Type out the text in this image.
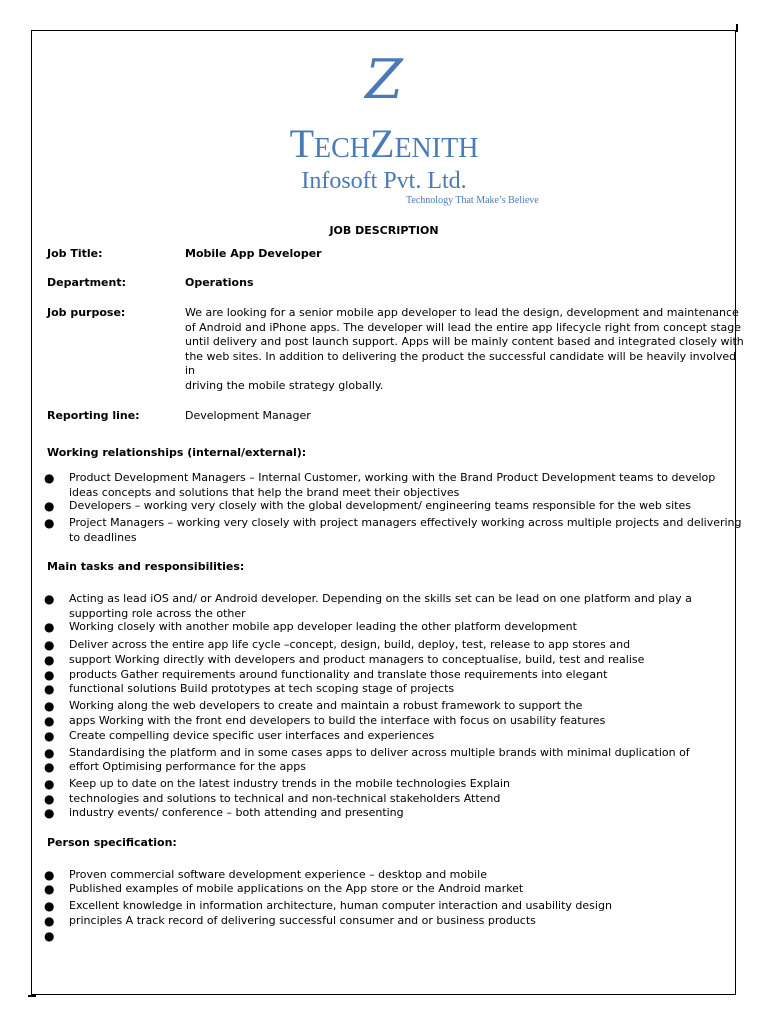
Z
TECHZENITH
Infosoft Pvt. Ltd.
Technology That Make’s Believe
JOB DESCRIPTION
Job Title:	Mobile App Developer
Department:	Operations
Job purpose:	We are looking for a senior mobile app developer to lead the design, development and maintenance
of Android and iPhone apps. The developer will lead the entire app lifecycle right from concept stage
until delivery and post launch support. Apps will be mainly content based and integrated closely with
the web sites. In addition to delivering the product the successful candidate will be heavily involved
in
driving the mobile strategy globally.
Reporting line:	Development Manager
Working relationships (internal/external):
● Product Development Managers – Internal Customer, working with the Brand Product Development teams to develop
ideas concepts and solutions that help the brand meet their objectives
● Developers – working very closely with the global development/ engineering teams responsible for the web sites
● Project Managers – working very closely with project managers effectively working across multiple projects and delivering
to deadlines
Main tasks and responsibilities:
● Acting as lead iOS and/ or Android developer. Depending on the skills set can be lead on one platform and play a
supporting role across the other
● Working closely with another mobile app developer leading the other platform development
● Deliver across the entire app life cycle –concept, design, build, deploy, test, release to app stores and
● support Working directly with developers and product managers to conceptualise, build, test and realise
● products Gather requirements around functionality and translate those requirements into elegant
● functional solutions Build prototypes at tech scoping stage of projects
● Working along the web developers to create and maintain a robust framework to support the
● apps Working with the front end developers to build the interface with focus on usability features
● Create compelling device specific user interfaces and experiences
● Standardising the platform and in some cases apps to deliver across multiple brands with minimal duplication of
● effort Optimising performance for the apps
● Keep up to date on the latest industry trends in the mobile technologies Explain
● technologies and solutions to technical and non-technical stakeholders Attend
● industry events/ conference – both attending and presenting
Person specification:
● Proven commercial software development experience – desktop and mobile
● Published examples of mobile applications on the App store or the Android market
● Excellent knowledge in information architecture, human computer interaction and usability design
● principles A track record of delivering successful consumer and or business products
●
